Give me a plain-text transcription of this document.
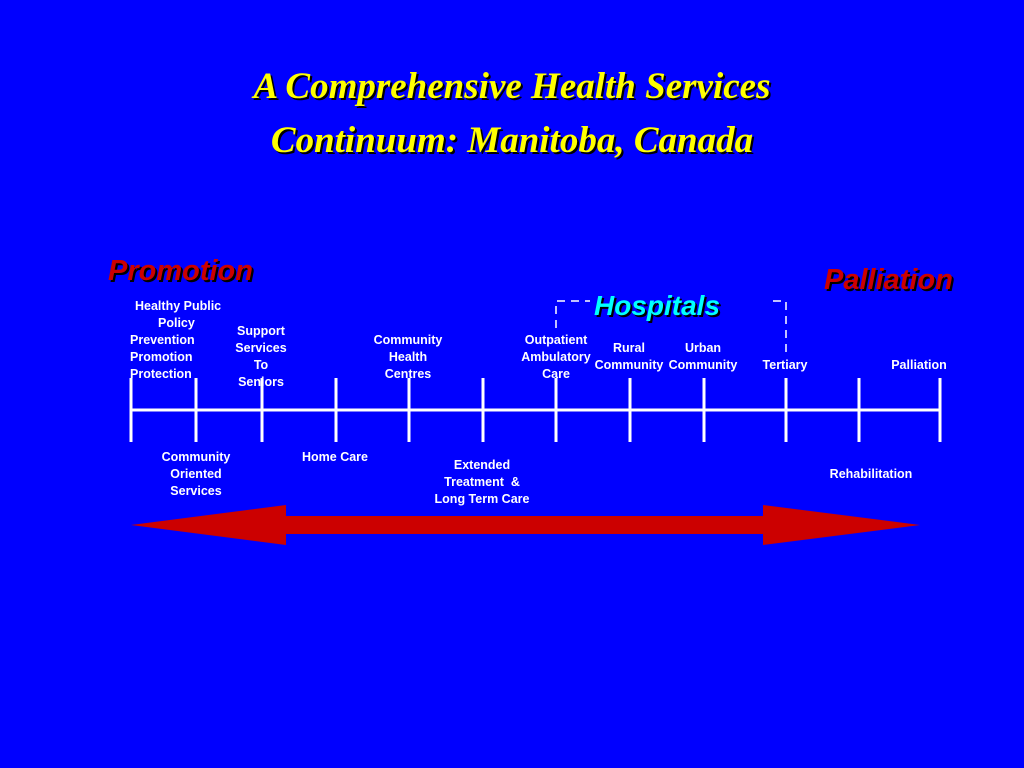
A Comprehensive Health Services
Continuum: Manitoba, Canada
Promotion	Palliation
Hospitals
Healthy Public
Policy
Prevention
Promotion
Protection
Support
Services
To
Seniors
Community
Health
Centres
Outpatient
Ambulatory
Care
Rural
Community
Urban
Community Tertiary	Palliation
Community
Oriented
Services
Home Care
Extended
Treatment  &
Long Term Care
Rehabilitation
